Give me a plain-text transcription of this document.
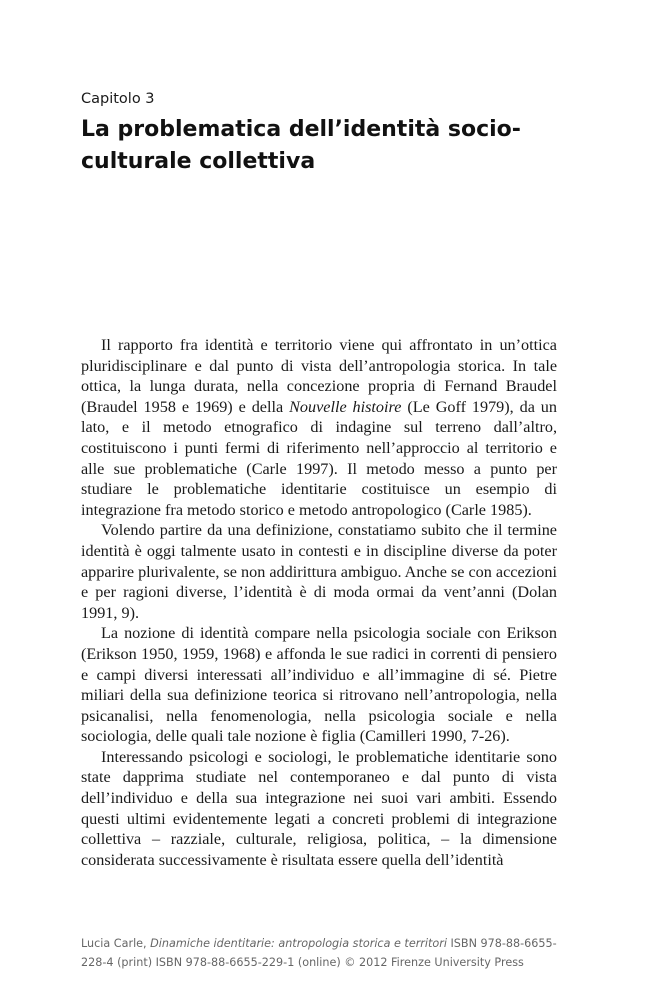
Capitolo 3
La problematica dell’identità socio-culturale collettiva

Il rapporto fra identità e territorio viene qui affrontato in un’ottica pluridisciplinare e dal punto di vista dell’antropologia storica. In tale ottica, la lunga durata, nella concezione propria di Fernand Braudel (Braudel 1958 e 1969) e della Nouvelle histoire (Le Goff 1979), da un lato, e il metodo etnografico di indagine sul terreno dall’altro, costituiscono i punti fermi di riferimento nell’approccio al territorio e alle sue problematiche (Carle 1997). Il metodo messo a punto per studiare le problematiche identitarie costituisce un esempio di integrazione fra metodo storico e metodo antropologico (Carle 1985).

Volendo partire da una definizione, constatiamo subito che il termine identità è oggi talmente usato in contesti e in discipline diverse da poter apparire plurivalente, se non addirittura ambiguo. Anche se con accezioni e per ragioni diverse, l’identità è di moda ormai da vent’anni (Dolan 1991, 9).

La nozione di identità compare nella psicologia sociale con Erikson (Erikson 1950, 1959, 1968) e affonda le sue radici in correnti di pensiero e campi diversi interessati all’individuo e all’immagine di sé. Pietre miliari della sua definizione teorica si ritrovano nell’antropologia, nella psicanalisi, nella fenomenologia, nella psicologia sociale e nella sociologia, delle quali tale nozione è figlia (Camilleri 1990, 7-26).

Interessando psicologi e sociologi, le problematiche identitarie sono state dapprima studiate nel contemporaneo e dal punto di vista dell’individuo e della sua integrazione nei suoi vari ambiti. Essendo questi ultimi evidentemente legati a concreti problemi di integrazione collettiva – razziale, culturale, religiosa, politica, – la dimensione considerata successivamente è risultata essere quella dell’identità

Lucia Carle, Dinamiche identitarie: antropologia storica e territori ISBN 978-88-6655-228-4 (print) ISBN 978-88-6655-229-1 (online) © 2012 Firenze University Press
